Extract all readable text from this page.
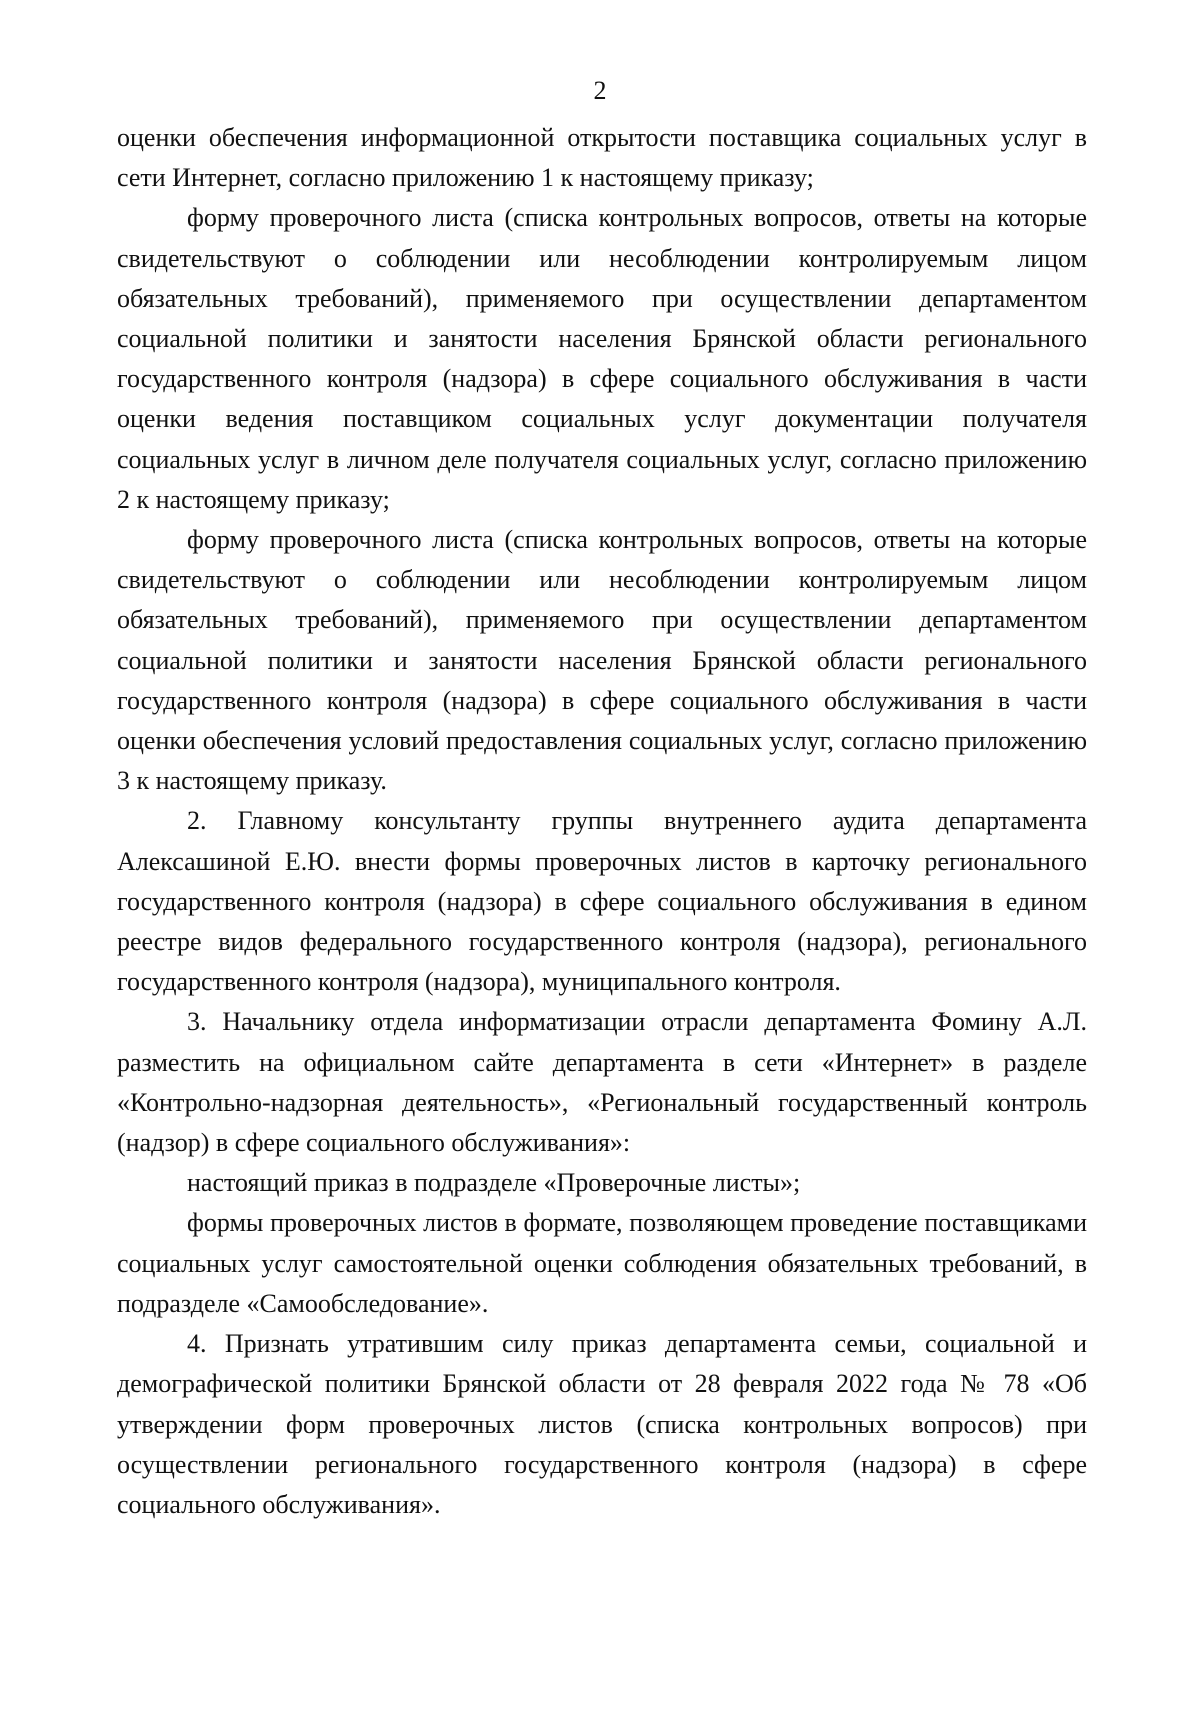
2

оценки обеспечения информационной открытости поставщика социальных услуг в сети Интернет, согласно приложению 1 к настоящему приказу;

форму проверочного листа (списка контрольных вопросов, ответы на которые свидетельствуют о соблюдении или несоблюдении контролируемым лицом обязательных требований), применяемого при осуществлении департаментом социальной политики и занятости населения Брянской области регионального государственного контроля (надзора) в сфере социального обслуживания в части оценки ведения поставщиком социальных услуг документации получателя социальных услуг в личном деле получателя социальных услуг, согласно приложению 2 к настоящему приказу;

форму проверочного листа (списка контрольных вопросов, ответы на которые свидетельствуют о соблюдении или несоблюдении контролируемым лицом обязательных требований), применяемого при осуществлении департаментом социальной политики и занятости населения Брянской области регионального государственного контроля (надзора) в сфере социального обслуживания в части оценки обеспечения условий предоставления социальных услуг, согласно приложению 3 к настоящему приказу.

2. Главному консультанту группы внутреннего аудита департамента Алексашиной Е.Ю. внести формы проверочных листов в карточку регионального государственного контроля (надзора) в сфере социального обслуживания в едином реестре видов федерального государственного контроля (надзора), регионального государственного контроля (надзора), муниципального контроля.

3. Начальнику отдела информатизации отрасли департамента Фомину А.Л. разместить на официальном сайте департамента в сети «Интернет» в разделе «Контрольно-надзорная деятельность», «Региональный государственный контроль (надзор) в сфере социального обслуживания»:

настоящий приказ в подразделе «Проверочные листы»;

формы проверочных листов в формате, позволяющем проведение поставщиками социальных услуг самостоятельной оценки соблюдения обязательных требований, в подразделе «Самообследование».

4. Признать утратившим силу приказ департамента семьи, социальной и демографической политики Брянской области от 28 февраля 2022 года № 78 «Об утверждении форм проверочных листов (списка контрольных вопросов) при осуществлении регионального государственного контроля (надзора) в сфере социального обслуживания».
